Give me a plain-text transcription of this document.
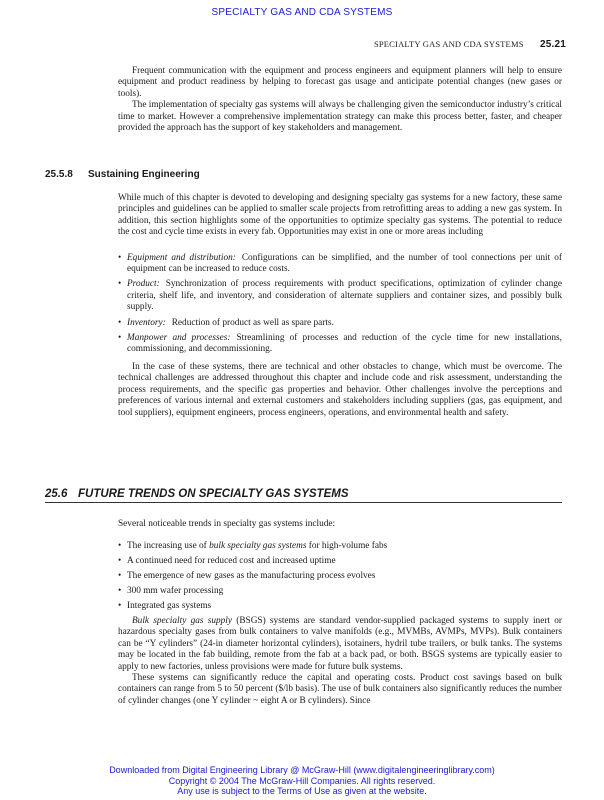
SPECIALTY GAS AND CDA SYSTEMS
SPECIALTY GAS AND CDA SYSTEMS 25.21

Frequent communication with the equipment and process engineers and equipment planners will help to ensure equipment and product readiness by helping to forecast gas usage and anticipate potential changes (new gases or tools).

The implementation of specialty gas systems will always be challenging given the semiconductor industry’s critical time to market. However a comprehensive implementation strategy can make this process better, faster, and cheaper provided the approach has the support of key stakeholders and management.

25.5.8 Sustaining Engineering

While much of this chapter is devoted to developing and designing specialty gas systems for a new factory, these same principles and guidelines can be applied to smaller scale projects from retrofitting areas to adding a new gas system. In addition, this section highlights some of the opportunities to optimize specialty gas systems. The potential to reduce the cost and cycle time exists in every fab. Opportunities may exist in one or more areas including

• Equipment and distribution: Configurations can be simplified, and the number of tool connections per unit of equipment can be increased to reduce costs.
• Product: Synchronization of process requirements with product specifications, optimization of cylinder change criteria, shelf life, and inventory, and consideration of alternate suppliers and container sizes, and possibly bulk supply.
• Inventory: Reduction of product as well as spare parts.
• Manpower and processes: Streamlining of processes and reduction of the cycle time for new installations, commissioning, and decommissioning.

In the case of these systems, there are technical and other obstacles to change, which must be overcome. The technical challenges are addressed throughout this chapter and include code and risk assessment, understanding the process requirements, and the specific gas properties and behavior. Other challenges involve the perceptions and preferences of various internal and external customers and stakeholders including suppliers (gas, gas equipment, and tool suppliers), equipment engineers, process engineers, operations, and environmental health and safety.

25.6 FUTURE TRENDS ON SPECIALTY GAS SYSTEMS

Several noticeable trends in specialty gas systems include:

• The increasing use of bulk specialty gas systems for high-volume fabs
• A continued need for reduced cost and increased uptime
• The emergence of new gases as the manufacturing process evolves
• 300 mm wafer processing
• Integrated gas systems

Bulk specialty gas supply (BSGS) systems are standard vendor-supplied packaged systems to supply inert or hazardous specialty gases from bulk containers to valve manifolds (e.g., MVMBs, AVMPs, MVPs). Bulk containers can be “Y cylinders” (24-in diameter horizontal cylinders), isotainers, hydril tube trailers, or bulk tanks. The systems may be located in the fab building, remote from the fab at a back pad, or both. BSGS systems are typically easier to apply to new factories, unless provisions were made for future bulk systems.

These systems can significantly reduce the capital and operating costs. Product cost savings based on bulk containers can range from 5 to 50 percent ($/lb basis). The use of bulk containers also significantly reduces the number of cylinder changes (one Y cylinder ~ eight A or B cylinders). Since

Downloaded from Digital Engineering Library @ McGraw-Hill (www.digitalengineeringlibrary.com)
Copyright © 2004 The McGraw-Hill Companies. All rights reserved.
Any use is subject to the Terms of Use as given at the website.
